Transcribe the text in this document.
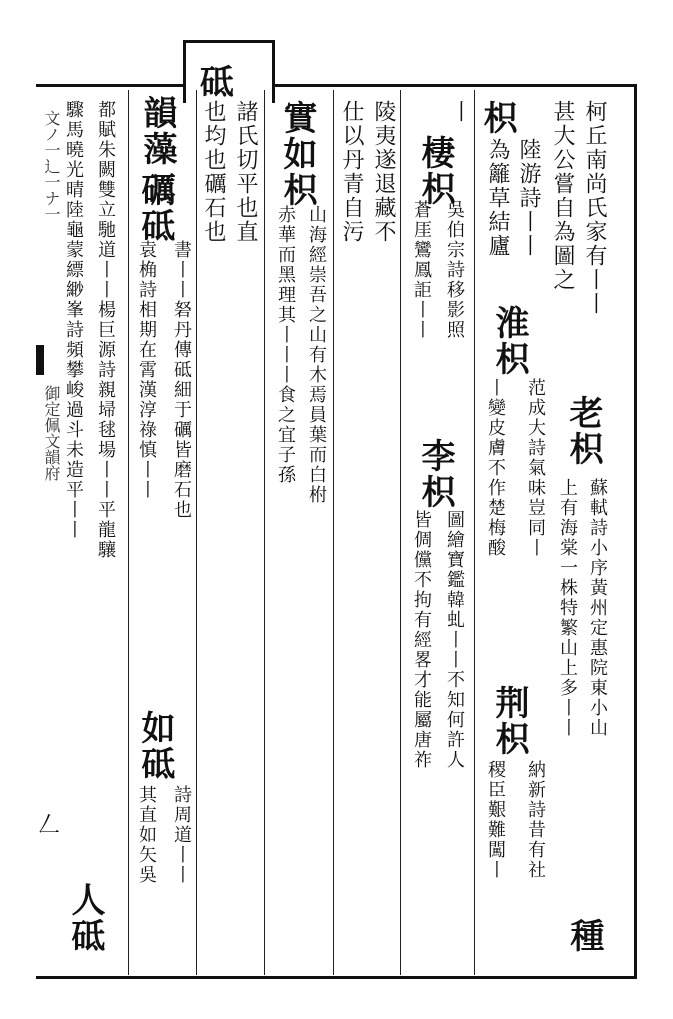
砥
文ノ一辶一ナ一
御定佩文韻府
𠃋
柯丘南尚氏家有丨丨
甚大公嘗自為圖之
老枳
蘇軾詩小序黃州定惠院東小山
上有海棠一株特繁山上多丨丨
種
枳
陸游詩丨丨
為籬草結廬
淮枳
范成大詩氣味豈同丨
丨變皮膚不作楚梅酸
荆枳
納新詩昔有社
稷臣艱難闖丨
丨
棲枳
吳伯宗詩移影照
蒼厓鸞鳳詎丨丨
李枳
圖繪寶鑑韓虬丨丨不知何許人
皆倜儻不拘有經畧才能屬唐祚
陵夷遂退藏不
仕以丹青自污
實如枳
山海經崇吾之山有木焉員葉而白柎
赤華而黑理其丨丨丨食之宜子孫
諸氏切平也直
也均也礪石也
韻藻
礪砥
書丨丨砮丹傳砥細于礪皆磨石也
袁桷詩相期在霄漢淳祿慎丨丨
如砥
詩周道丨丨
其直如矢吳
都賦朱闕雙立馳道丨丨楊巨源詩親埽毬場丨丨平龍驤
驟馬曉光晴陸龜蒙縹緲峯詩頻攀峻過斗未造平丨丨
人砥
